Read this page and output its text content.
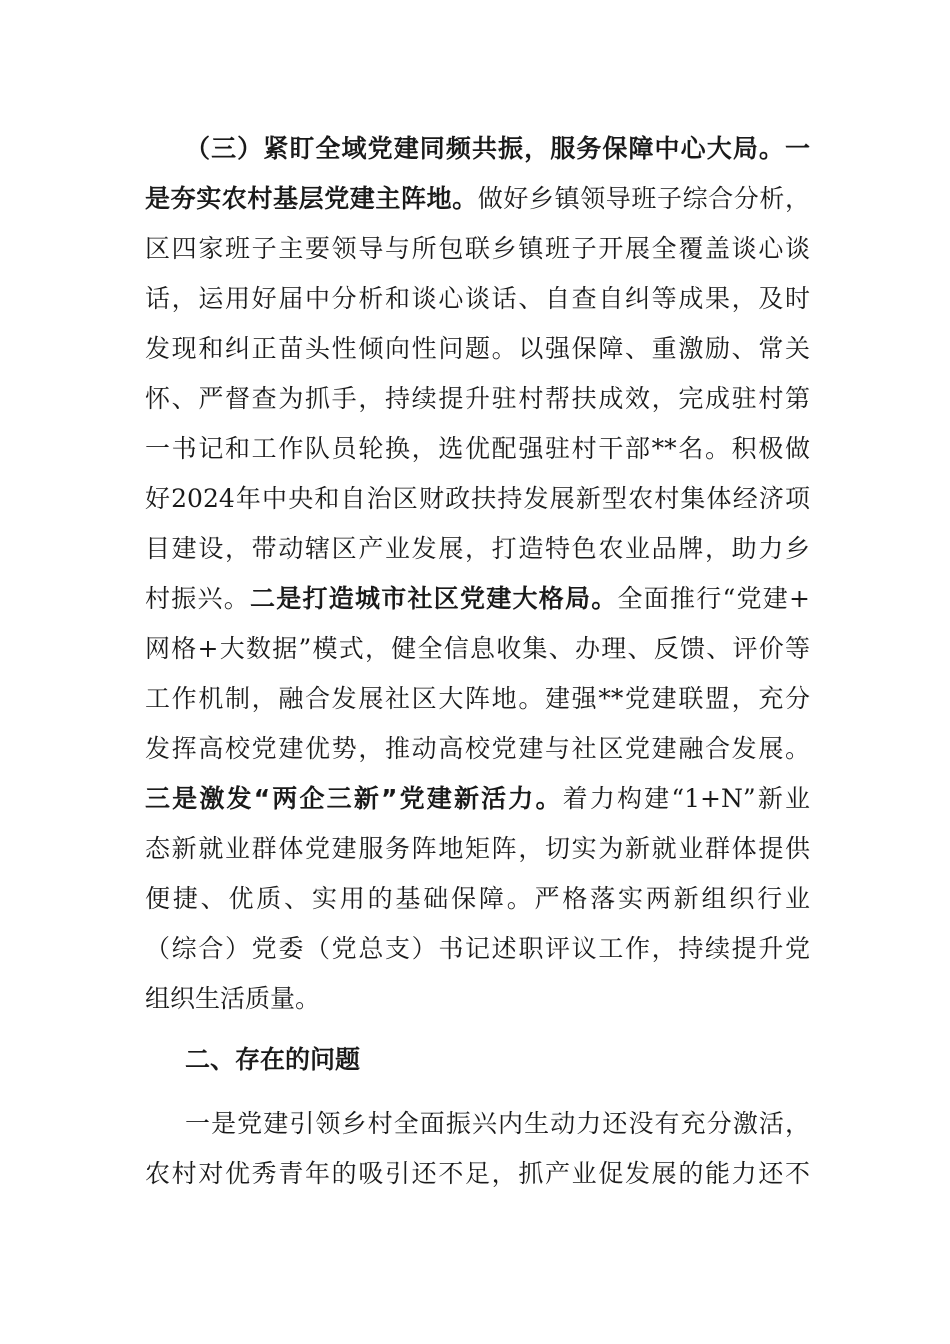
（三）紧盯全域党建同频共振，服务保障中心大局。一
是夯实农村基层党建主阵地。做好乡镇领导班子综合分析，
区四家班子主要领导与所包联乡镇班子开展全覆盖谈心谈
话，运用好届中分析和谈心谈话、自查自纠等成果，及时
发现和纠正苗头性倾向性问题。以强保障、重激励、常关
怀、严督查为抓手，持续提升驻村帮扶成效，完成驻村第
一书记和工作队员轮换，选优配强驻村干部**名。积极做
好2024年中央和自治区财政扶持发展新型农村集体经济项
目建设，带动辖区产业发展，打造特色农业品牌，助力乡
村振兴。二是打造城市社区党建大格局。全面推行“党建+
网格+大数据”模式，健全信息收集、办理、反馈、评价等
工作机制，融合发展社区大阵地。建强**党建联盟，充分
发挥高校党建优势，推动高校党建与社区党建融合发展。
三是激发“两企三新”党建新活力。着力构建“1+N”新业
态新就业群体党建服务阵地矩阵，切实为新就业群体提供
便捷、优质、实用的基础保障。严格落实两新组织行业
（综合）党委（党总支）书记述职评议工作，持续提升党
组织生活质量。
二、存在的问题
一是党建引领乡村全面振兴内生动力还没有充分激活，
农村对优秀青年的吸引还不足，抓产业促发展的能力还不
